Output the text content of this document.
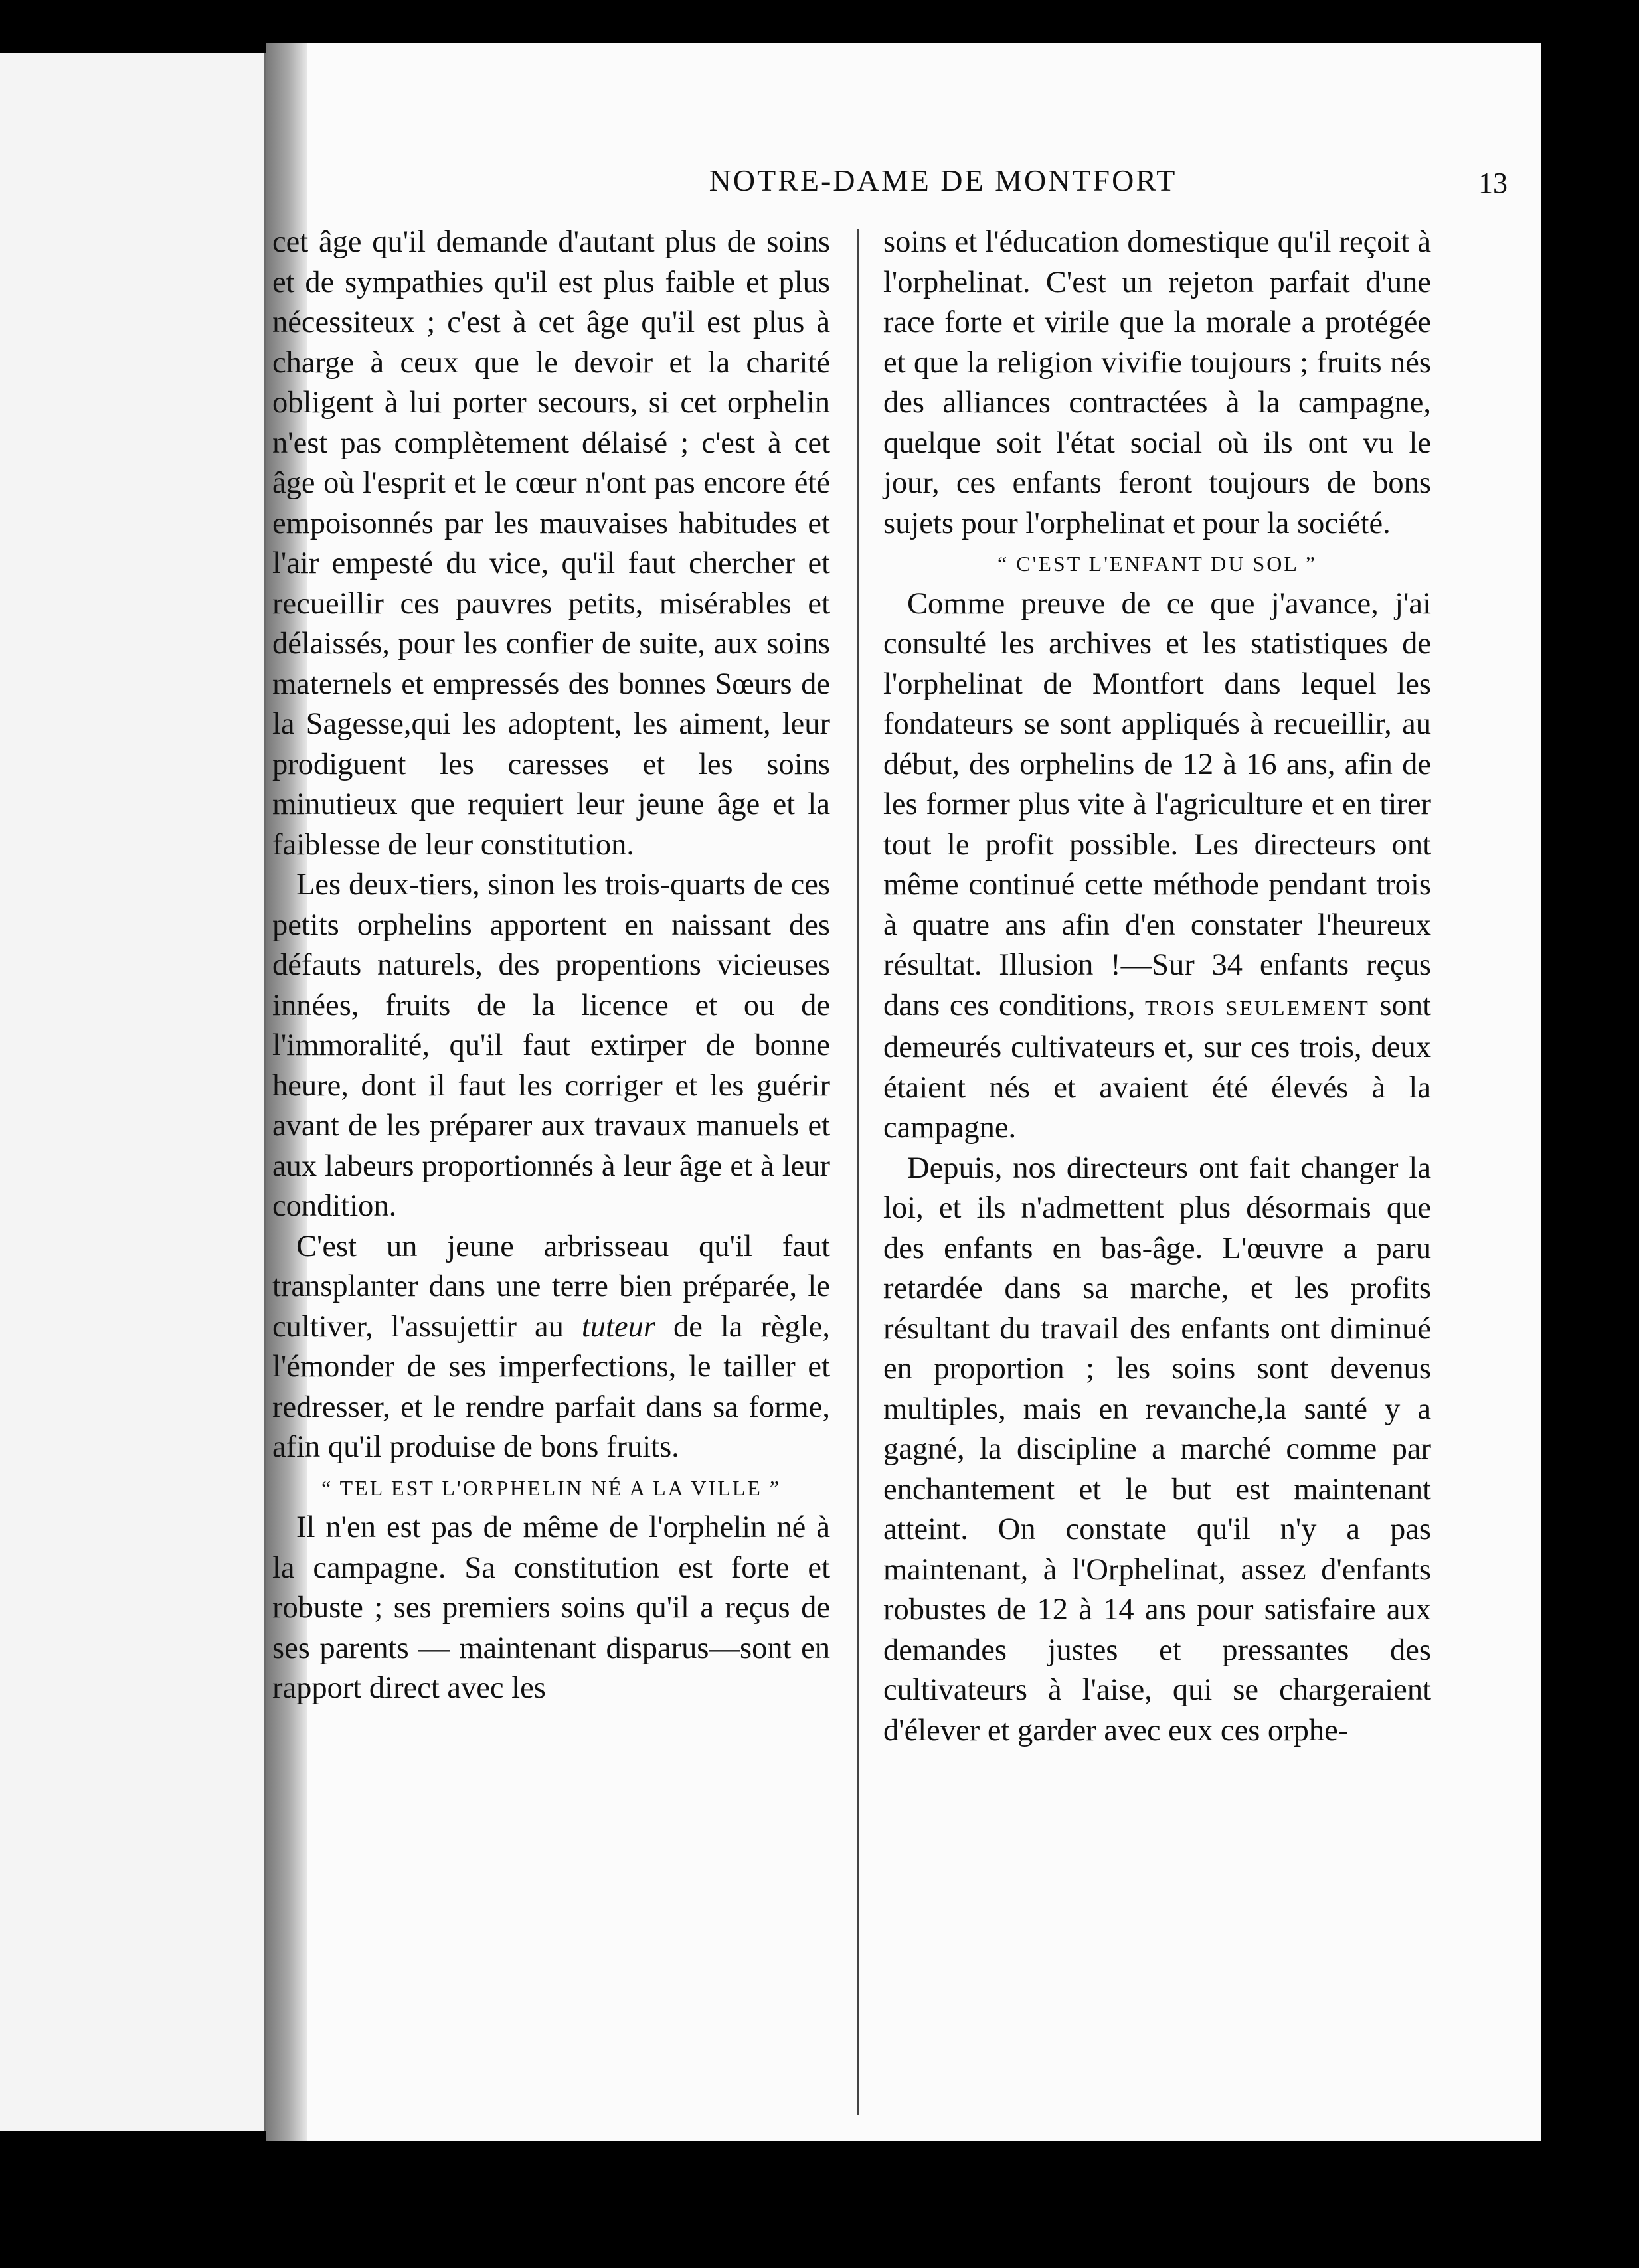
NOTRE-DAME DE MONTFORT	13

cet âge qu'il demande d'autant plus de soins et de sympathies qu'il est plus faible et plus nécessiteux ; c'est à cet âge qu'il est plus à charge à ceux que le devoir et la charité obligent à lui porter secours, si cet orphelin n'est pas complètement délaisé ; c'est à cet âge où l'esprit et le cœur n'ont pas encore été empoisonnés par les mauvaises habitudes et l'air empesté du vice, qu'il faut chercher et recueillir ces pauvres petits, misérables et délaissés, pour les confier de suite, aux soins maternels et empressés des bonnes Sœurs de la Sagesse,qui les adoptent, les aiment, leur prodiguent les caresses et les soins minutieux que requiert leur jeune âge et la faiblesse de leur constitution.

Les deux-tiers, sinon les trois-quarts de ces petits orphelins apportent en naissant des défauts naturels, des propentions vicieuses innées, fruits de la licence et ou de l'immoralité, qu'il faut extirper de bonne heure, dont il faut les corriger et les guérir avant de les préparer aux travaux manuels et aux labeurs proportionnés à leur âge et à leur condition.

C'est un jeune arbrisseau qu'il faut transplanter dans une terre bien préparée, le cultiver, l'assujettir au tuteur de la règle, l'émonder de ses imperfections, le tailler et redresser, et le rendre parfait dans sa forme, afin qu'il produise de bons fruits.

“ TEL EST L'ORPHELIN NÉ A LA VILLE ”

Il n'en est pas de même de l'orphelin né à la campagne. Sa constitution est forte et robuste ; ses premiers soins qu'il a reçus de ses parents — maintenant disparus—sont en rapport direct avec les

soins et l'éducation domestique qu'il reçoit à l'orphelinat. C'est un rejeton parfait d'une race forte et virile que la morale a protégée et que la religion vivifie toujours ; fruits nés des alliances contractées à la campagne, quelque soit l'état social où ils ont vu le jour, ces enfants feront toujours de bons sujets pour l'orphelinat et pour la société.

“ C'EST L'ENFANT DU SOL ”

Comme preuve de ce que j'avance, j'ai consulté les archives et les statistiques de l'orphelinat de Montfort dans lequel les fondateurs se sont appliqués à recueillir, au début, des orphelins de 12 à 16 ans, afin de les former plus vite à l'agriculture et en tirer tout le profit possible. Les directeurs ont même continué cette méthode pendant trois à quatre ans afin d'en constater l'heureux résultat. Illusion !—Sur 34 enfants reçus dans ces conditions, TROIS SEULEMENT sont demeurés cultivateurs et, sur ces trois, deux étaient nés et avaient été élevés à la campagne.

Depuis, nos directeurs ont fait changer la loi, et ils n'admettent plus désormais que des enfants en bas-âge. L'œuvre a paru retardée dans sa marche, et les profits résultant du travail des enfants ont diminué en proportion ; les soins sont devenus multiples, mais en revanche,la santé y a gagné, la discipline a marché comme par enchantement et le but est maintenant atteint. On constate qu'il n'y a pas maintenant, à l'Orphelinat, assez d'enfants robustes de 12 à 14 ans pour satisfaire aux demandes justes et pressantes des cultivateurs à l'aise, qui se chargeraient d'élever et garder avec eux ces orphe-
